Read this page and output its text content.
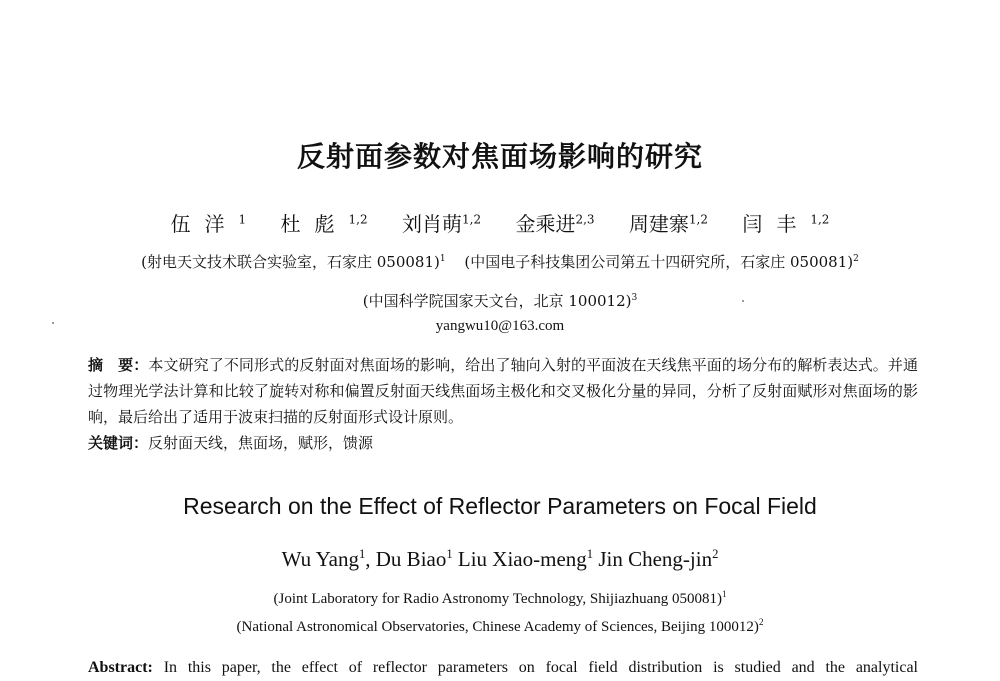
反射面参数对焦面场影响的研究
伍洋$^1$ 杜彪$^{1,2}$ 刘肖萌$^{1,2}$ 金乘进$^{2,3}$ 周建寨$^{1,2}$ 闫丰$^{1,2}$
(射电天文技术联合实验室，石家庄 050081)$^1$ (中国电子科技集团公司第五十四研究所，石家庄 050081)$^2$
(中国科学院国家天文台，北京 100012)$^3$
yangwu10@163.com
摘　要：本文研究了不同形式的反射面对焦面场的影响，给出了轴向入射的平面波在天线焦平面的场分布的解析表达式。并通过物理光学法计算和比较了旋转对称和偏置反射面天线焦面场主极化和交叉极化分量的异同，分析了反射面赋形对焦面场的影响，最后给出了适用于波束扫描的反射面形式设计原则。
关键词：反射面天线，焦面场，赋形，馈源
Research on the Effect of Reflector Parameters on Focal Field
Wu Yang$^1$, Du Biao$^1$ Liu Xiao-meng$^1$ Jin Cheng-jin$^2$
(Joint Laboratory for Radio Astronomy Technology, Shijiazhuang 050081)$^1$
(National Astronomical Observatories, Chinese Academy of Sciences, Beijing 100012)$^2$
Abstract: In this paper, the effect of reflector parameters on focal field distribution is studied and the analytical
